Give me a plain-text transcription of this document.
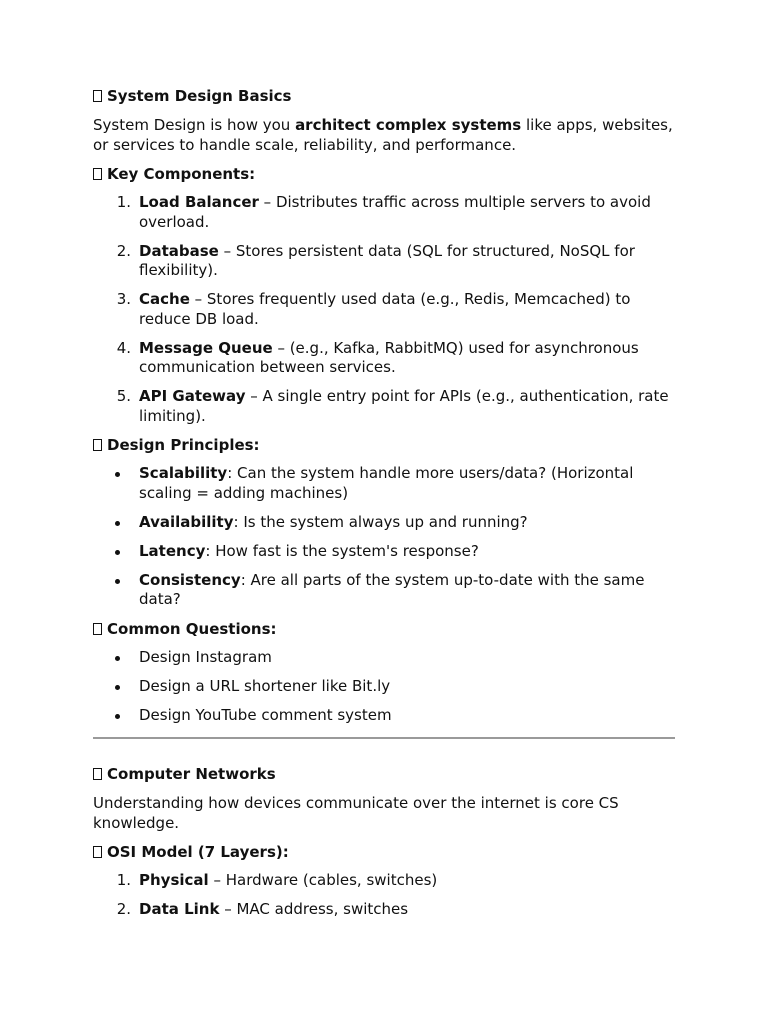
System Design Basics
System Design is how you architect complex systems like apps, websites, or services to handle scale, reliability, and performance.
Key Components:
1. Load Balancer – Distributes traffic across multiple servers to avoid overload.
2. Database – Stores persistent data (SQL for structured, NoSQL for flexibility).
3. Cache – Stores frequently used data (e.g., Redis, Memcached) to reduce DB load.
4. Message Queue – (e.g., Kafka, RabbitMQ) used for asynchronous communication between services.
5. API Gateway – A single entry point for APIs (e.g., authentication, rate limiting).
Design Principles:
Scalability: Can the system handle more users/data? (Horizontal scaling = adding machines)
Availability: Is the system always up and running?
Latency: How fast is the system's response?
Consistency: Are all parts of the system up-to-date with the same data?
Common Questions:
Design Instagram
Design a URL shortener like Bit.ly
Design YouTube comment system
Computer Networks
Understanding how devices communicate over the internet is core CS knowledge.
OSI Model (7 Layers):
1. Physical – Hardware (cables, switches)
2. Data Link – MAC address, switches
